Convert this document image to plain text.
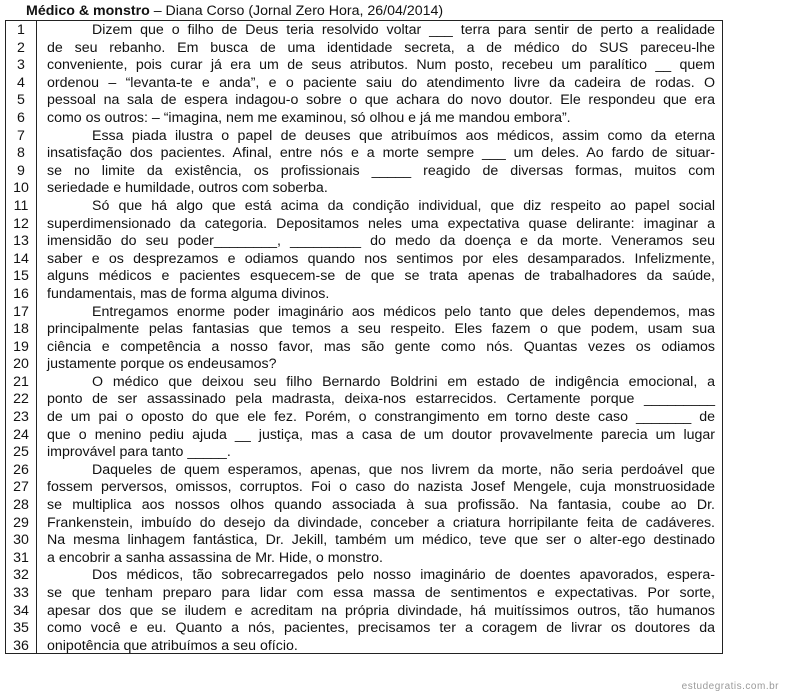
Médico & monstro – Diana Corso (Jornal Zero Hora, 26/04/2014)
1	Dizem que o filho de Deus teria resolvido voltar ___ terra para sentir de perto a realidade
2	de seu rebanho. Em busca de uma identidade secreta, a de médico do SUS pareceu-lhe
3	conveniente, pois curar já era um de seus atributos. Num posto, recebeu um paralítico __ quem
4	ordenou – “levanta-te e anda”, e o paciente saiu do atendimento livre da cadeira de rodas. O
5	pessoal na sala de espera indagou-o sobre o que achara do novo doutor. Ele respondeu que era
6	como os outros: – “imagina, nem me examinou, só olhou e já me mandou embora”.
7	Essa piada ilustra o papel de deuses que atribuímos aos médicos, assim como da eterna
8	insatisfação dos pacientes. Afinal, entre nós e a morte sempre ___ um deles. Ao fardo de situar-
9	se no limite da existência, os profissionais _____ reagido de diversas formas, muitos com
10	seriedade e humildade, outros com soberba.
11	Só que há algo que está acima da condição individual, que diz respeito ao papel social
12	superdimensionado da categoria. Depositamos neles uma expectativa quase delirante: imaginar a
13	imensidão do seu poder________, _________ do medo da doença e da morte. Veneramos seu
14	saber e os desprezamos e odiamos quando nos sentimos por eles desamparados. Infelizmente,
15	alguns médicos e pacientes esquecem-se de que se trata apenas de trabalhadores da saúde,
16	fundamentais, mas de forma alguma divinos.
17	Entregamos enorme poder imaginário aos médicos pelo tanto que deles dependemos, mas
18	principalmente pelas fantasias que temos a seu respeito. Eles fazem o que podem, usam sua
19	ciência e competência a nosso favor, mas são gente como nós. Quantas vezes os odiamos
20	justamente porque os endeusamos?
21	O médico que deixou seu filho Bernardo Boldrini em estado de indigência emocional, a
22	ponto de ser assassinado pela madrasta, deixa-nos estarrecidos. Certamente porque _________
23	de um pai o oposto do que ele fez. Porém, o constrangimento em torno deste caso _______ de
24	que o menino pediu ajuda __ justiça, mas a casa de um doutor provavelmente parecia um lugar
25	improvável para tanto _____.
26	Daqueles de quem esperamos, apenas, que nos livrem da morte, não seria perdoável que
27	fossem perversos, omissos, corruptos. Foi o caso do nazista Josef Mengele, cuja monstruosidade
28	se multiplica aos nossos olhos quando associada à sua profissão. Na fantasia, coube ao Dr.
29	Frankenstein, imbuído do desejo da divindade, conceber a criatura horripilante feita de cadáveres.
30	Na mesma linhagem fantástica, Dr. Jekill, também um médico, teve que ser o alter-ego destinado
31	a encobrir a sanha assassina de Mr. Hide, o monstro.
32	Dos médicos, tão sobrecarregados pelo nosso imaginário de doentes apavorados, espera-
33	se que tenham preparo para lidar com essa massa de sentimentos e expectativas. Por sorte,
34	apesar dos que se iludem e acreditam na própria divindade, há muitíssimos outros, tão humanos
35	como você e eu. Quanto a nós, pacientes, precisamos ter a coragem de livrar os doutores da
36	onipotência que atribuímos a seu ofício.
estudegratis.com.br
